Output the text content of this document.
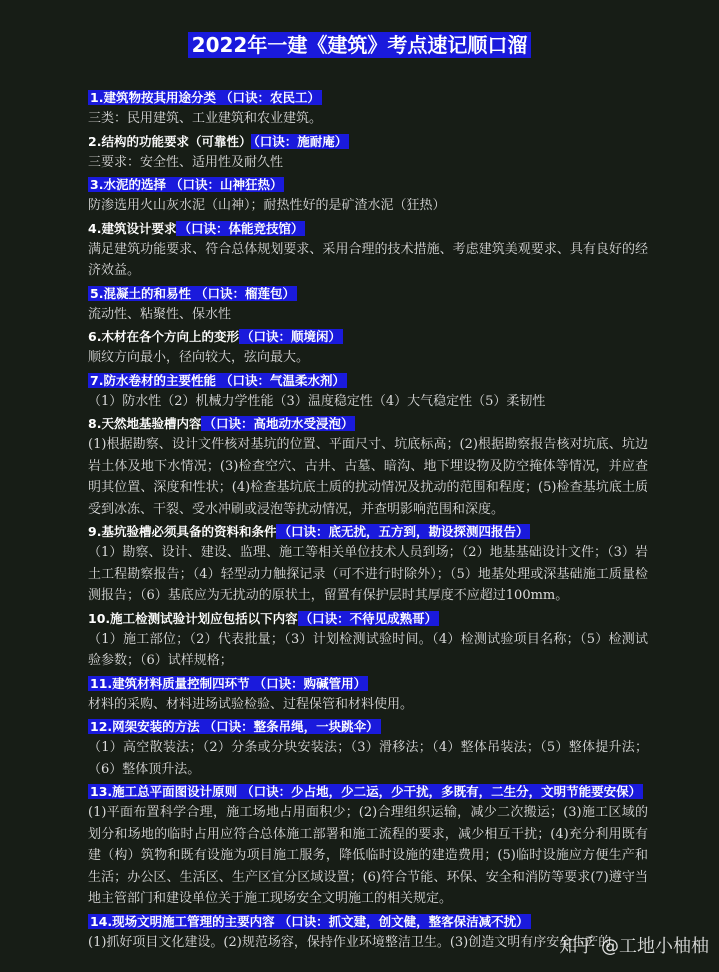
2022年一建《建筑》考点速记顺口溜
1.建筑物按其用途分类 （口诀：农民工）
三类：民用建筑、工业建筑和农业建筑。
2.结构的功能要求（可靠性） （口诀：施耐庵）
三要求：安全性、适用性及耐久性
3.水泥的选择 （口诀：山神狂热）
防渗选用火山灰水泥（山神）；耐热性好的是矿渣水泥（狂热）
4.建筑设计要求 （口诀：体能竞技馆）
满足建筑功能要求、符合总体规划要求、采用合理的技术措施、考虑建筑美观要求、具有良好的经济效益。
5.混凝土的和易性 （口诀：榴莲包）
流动性、粘聚性、保水性
6.木材在各个方向上的变形 （口诀：顺境闲）
顺纹方向最小，径向较大，弦向最大。
7.防水卷材的主要性能 （口诀：气温柔水剂）
（1）防水性（2）机械力学性能（3）温度稳定性（4）大气稳定性（5）柔韧性
8.天然地基验槽内容 （口诀：高地动水受浸泡）
(1)根据勘察、设计文件核对基坑的位置、平面尺寸、坑底标高；(2)根据勘察报告核对坑底、坑边岩土体及地下水情况；(3)检查空穴、古井、古墓、暗沟、地下埋设物及防空掩体等情况，并应查明其位置、深度和性状；(4)检查基坑底土质的扰动情况及扰动的范围和程度；(5)检查基坑底土质受到冰冻、干裂、受水冲刷或浸泡等扰动情况，并查明影响范围和深度。
9.基坑验槽必须具备的资料和条件 （口诀：底无扰，五方到，勘设探测四报告）
（1）勘察、设计、建设、监理、施工等相关单位技术人员到场；（2）地基基础设计文件；（3）岩土工程勘察报告；（4）轻型动力触探记录（可不进行时除外）；（5）地基处理或深基础施工质量检测报告；（6）基底应为无扰动的原状土，留置有保护层时其厚度不应超过100mm。
10.施工检测试验计划应包括以下内容 （口诀：不待见成熟哥）
（1）施工部位；（2）代表批量；（3）计划检测试验时间。（4）检测试验项目名称；（5）检测试验参数；（6）试样规格；
11.建筑材料质量控制四环节 （口诀：购碱管用）
材料的采购、材料进场试验检验、过程保管和材料使用。
12.网架安装的方法 （口诀：整条吊绳，一块跳伞）
（1）高空散装法；（2）分条或分块安装法；（3）滑移法；（4）整体吊装法；（5）整体提升法；（6）整体顶升法。
13.施工总平面图设计原则 （口诀：少占地，少二运，少干扰，多既有，二生分，文明节能要安保）
(1)平面布置科学合理，施工场地占用面积少；(2)合理组织运输，减少二次搬运；(3)施工区域的划分和场地的临时占用应符合总体施工部署和施工流程的要求，减少相互干扰；(4)充分利用既有建（构）筑物和既有设施为项目施工服务，降低临时设施的建造费用；(5)临时设施应方便生产和生活；办公区、生活区、生产区宜分区域设置；(6)符合节能、环保、安全和消防等要求(7)遵守当地主管部门和建设单位关于施工现场安全文明施工的相关规定。
14.现场文明施工管理的主要内容 （口诀：抓文建，创文健，整客保洁减不扰）
(1)抓好项目文化建设。(2)规范场容，保持作业环境整洁卫生。(3)创造文明有序安全生产的
知乎 @工地小柚柚
